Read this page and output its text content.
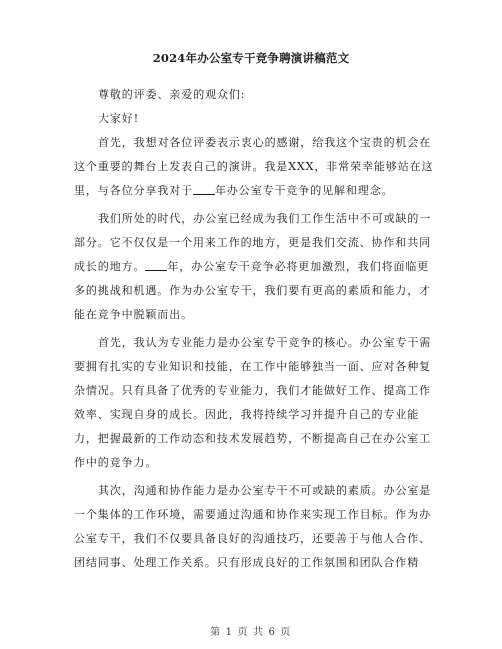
2024年办公室专干竞争聘演讲稿范文
尊敬的评委、亲爱的观众们:
大家好!
首先，我想对各位评委表示衷心的感谢，给我这个宝贵的机会在
这个重要的舞台上发表自己的演讲。我是XXX，非常荣幸能够站在这
里，与各位分享我对于 年办公室专干竞争的见解和理念。
我们所处的时代，办公室已经成为我们工作生活中不可或缺的一
部分。它不仅仅是一个用来工作的地方，更是我们交流、协作和共同
成长的地方。 年，办公室专干竞争必将更加激烈，我们将面临更
多的挑战和机遇。作为办公室专干，我们要有更高的素质和能力，才
能在竞争中脱颖而出。
首先，我认为专业能力是办公室专干竞争的核心。办公室专干需
要拥有扎实的专业知识和技能，在工作中能够独当一面、应对各种复
杂情况。只有具备了优秀的专业能力，我们才能做好工作、提高工作
效率、实现自身的成长。因此，我将持续学习并提升自己的专业能
力，把握最新的工作动态和技术发展趋势，不断提高自己在办公室工
作中的竞争力。
其次，沟通和协作能力是办公室专干不可或缺的素质。办公室是
一个集体的工作环境，需要通过沟通和协作来实现工作目标。作为办
公室专干，我们不仅要具备良好的沟通技巧，还要善于与他人合作、
团结同事、处理工作关系。只有形成良好的工作氛围和团队合作精
第 1 页 共 6 页
